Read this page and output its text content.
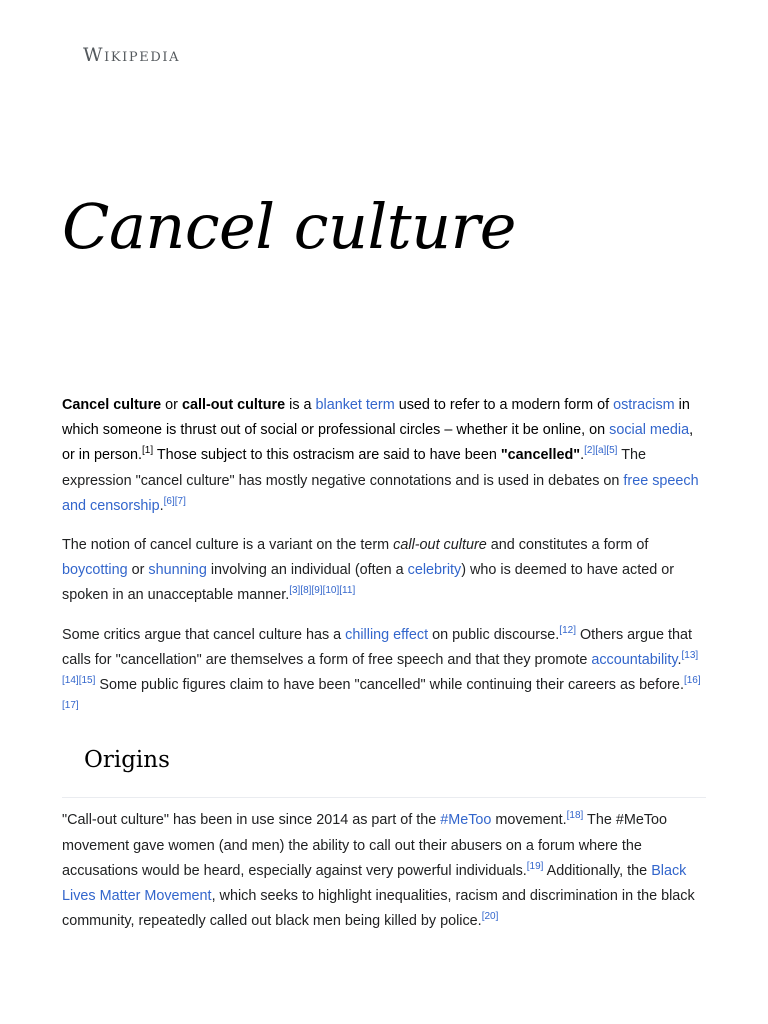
Wikipedia
Cancel culture

Cancel culture or call-out culture is a blanket term used to refer to a modern form of ostracism in which someone is thrust out of social or professional circles – whether it be online, on social media, or in person.[1] Those subject to this ostracism are said to have been "cancelled".[2][a][5] The expression "cancel culture" has mostly negative connotations and is used in debates on free speech and censorship.[6][7]

The notion of cancel culture is a variant on the term call-out culture and constitutes a form of boycotting or shunning involving an individual (often a celebrity) who is deemed to have acted or spoken in an unacceptable manner.[3][8][9][10][11]

Some critics argue that cancel culture has a chilling effect on public discourse.[12] Others argue that calls for "cancellation" are themselves a form of free speech and that they promote accountability.[13][14][15] Some public figures claim to have been "cancelled" while continuing their careers as before.[16][17]

Origins

"Call-out culture" has been in use since 2014 as part of the #MeToo movement.[18] The #MeToo movement gave women (and men) the ability to call out their abusers on a forum where the accusations would be heard, especially against very powerful individuals.[19] Additionally, the Black Lives Matter Movement, which seeks to highlight inequalities, racism and discrimination in the black community, repeatedly called out black men being killed by police.[20]
